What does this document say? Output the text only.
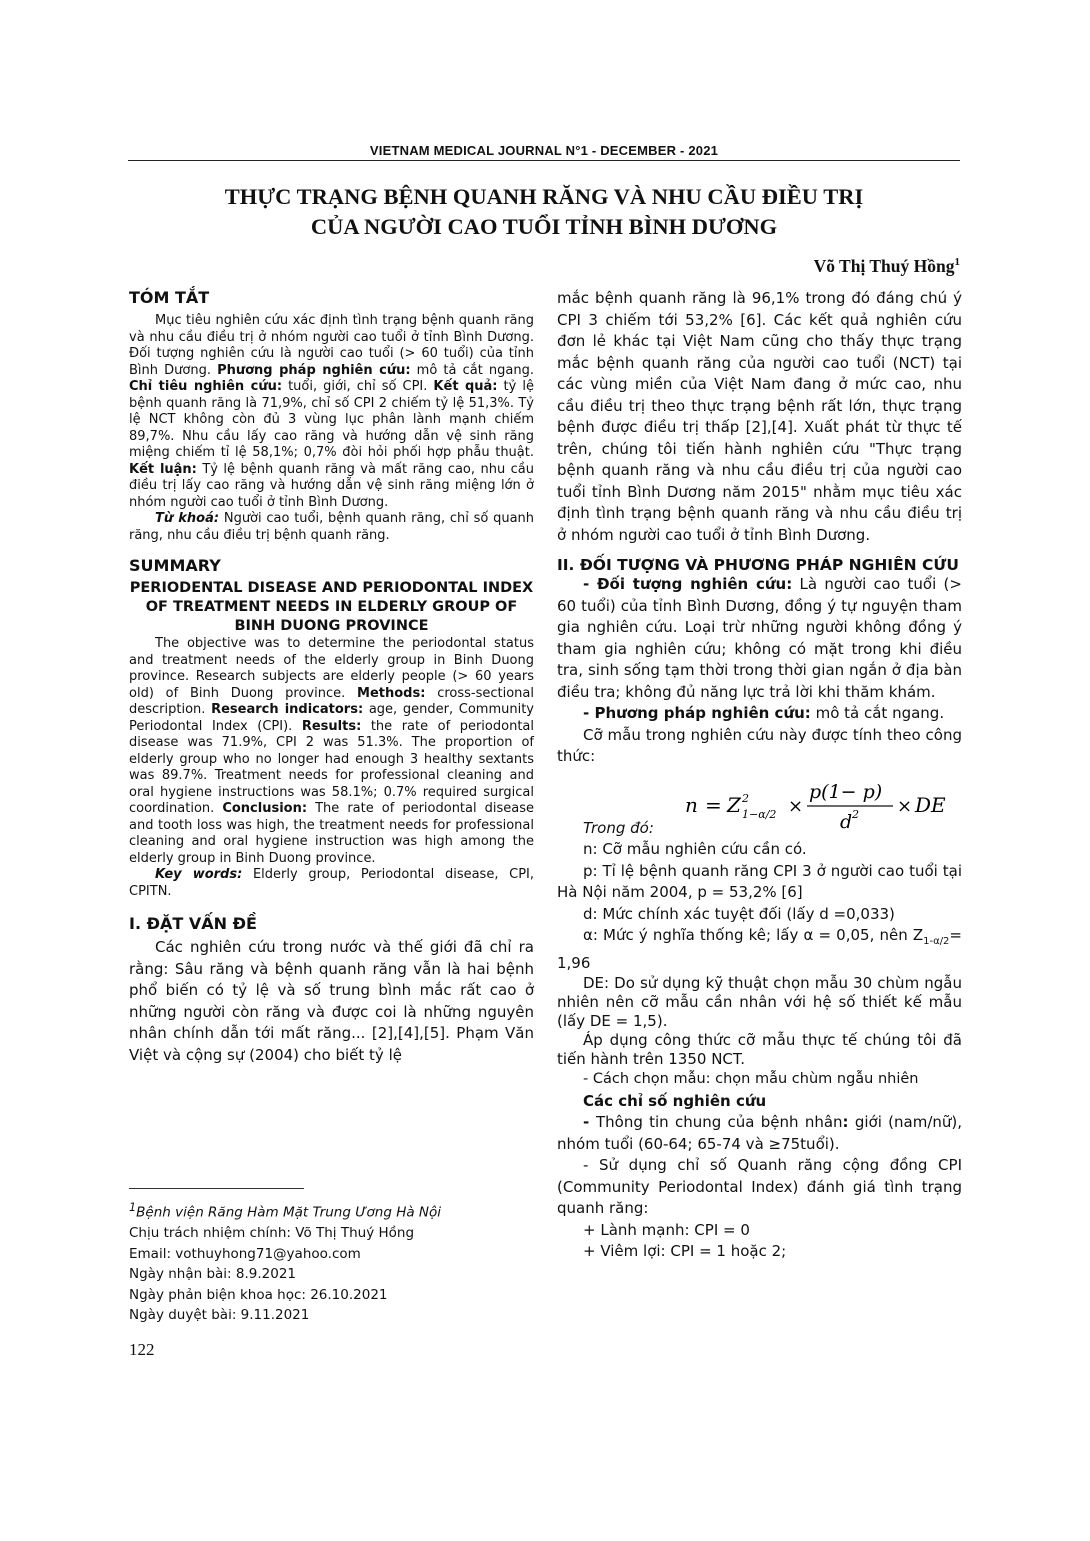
VIETNAM MEDICAL JOURNAL N°1 - DECEMBER - 2021
THỰC TRẠNG BỆNH QUANH RĂNG VÀ NHU CẦU ĐIỀU TRỊ
CỦA NGƯỜI CAO TUỔI TỈNH BÌNH DƯƠNG
Võ Thị Thuý Hồng$^1$
TÓM TẮT

Mục tiêu nghiên cứu xác định tình trạng bệnh quanh răng và nhu cầu điều trị ở nhóm người cao tuổi ở tỉnh Bình Dương. Đối tượng nghiên cứu là người cao tuổi (> 60 tuổi) của tỉnh Bình Dương. Phương pháp nghiên cứu: mô tả cắt ngang. Chỉ tiêu nghiên cứu: tuổi, giới, chỉ số CPI. Kết quả: tỷ lệ bệnh quanh răng là 71,9%, chỉ số CPI 2 chiếm tỷ lệ 51,3%. Tỷ lệ NCT không còn đủ 3 vùng lục phân lành mạnh chiếm 89,7%. Nhu cầu lấy cao răng và hướng dẫn vệ sinh răng miệng chiếm tỉ lệ 58,1%; 0,7% đòi hỏi phối hợp phẫu thuật. Kết luận: Tỷ lệ bệnh quanh răng và mất răng cao, nhu cầu điều trị lấy cao răng và hướng dẫn vệ sinh răng miệng lớn ở nhóm người cao tuổi ở tỉnh Bình Dương.

Từ khoá: Người cao tuổi, bệnh quanh răng, chỉ số quanh răng, nhu cầu điều trị bệnh quanh răng.

SUMMARY
PERIODENTAL DISEASE AND PERIODONTAL INDEX OF TREATMENT NEEDS IN ELDERLY GROUP OF BINH DUONG PROVINCE

The objective was to determine the periodontal status and treatment needs of the elderly group in Binh Duong province. Research subjects are elderly people (> 60 years old) of Binh Duong province. Methods: cross-sectional description. Research indicators: age, gender, Community Periodontal Index (CPI). Results: the rate of periodontal disease was 71.9%, CPI 2 was 51.3%. The proportion of elderly group who no longer had enough 3 healthy sextants was 89.7%. Treatment needs for professional cleaning and oral hygiene instructions was 58.1%; 0.7% required surgical coordination. Conclusion: The rate of periodontal disease and tooth loss was high, the treatment needs for professional cleaning and oral hygiene instruction was high among the elderly group in Binh Duong province.

Key words: Elderly group, Periodontal disease, CPI, CPITN.

I. ĐẶT VẤN ĐỀ

Các nghiên cứu trong nước và thế giới đã chỉ ra rằng: Sâu răng và bệnh quanh răng vẫn là hai bệnh phổ biến có tỷ lệ và số trung bình mắc rất cao ở những người còn răng và được coi là những nguyên nhân chính dẫn tới mất răng... [2],[4],[5]. Phạm Văn Việt và cộng sự (2004) cho biết tỷ lệ

$^1$Bệnh viện Răng Hàm Mặt Trung Ương Hà Nội
Chịu trách nhiệm chính: Võ Thị Thuý Hồng
Email: vothuyhong71@yahoo.com
Ngày nhận bài: 8.9.2021
Ngày phản biện khoa học: 26.10.2021
Ngày duyệt bài: 9.11.2021
122

mắc bệnh quanh răng là 96,1% trong đó đáng chú ý CPI 3 chiếm tới 53,2% [6]. Các kết quả nghiên cứu đơn lẻ khác tại Việt Nam cũng cho thấy thực trạng mắc bệnh quanh răng của người cao tuổi (NCT) tại các vùng miền của Việt Nam đang ở mức cao, nhu cầu điều trị theo thực trạng bệnh rất lớn, thực trạng bệnh được điều trị thấp [2],[4]. Xuất phát từ thực tế trên, chúng tôi tiến hành nghiên cứu "Thực trạng bệnh quanh răng và nhu cầu điều trị của người cao tuổi tỉnh Bình Dương năm 2015" nhằm mục tiêu xác định tình trạng bệnh quanh răng và nhu cầu điều trị ở nhóm người cao tuổi ở tỉnh Bình Dương.

II. ĐỐI TƯỢNG VÀ PHƯƠNG PHÁP NGHIÊN CỨU

- Đối tượng nghiên cứu: Là người cao tuổi (> 60 tuổi) của tỉnh Bình Dương, đồng ý tự nguyện tham gia nghiên cứu. Loại trừ những người không đồng ý tham gia nghiên cứu; không có mặt trong khi điều tra, sinh sống tạm thời trong thời gian ngắn ở địa bàn điều tra; không đủ năng lực trả lời khi thăm khám.

- Phương pháp nghiên cứu: mô tả cắt ngang.

Cỡ mẫu trong nghiên cứu này được tính theo công thức:

n = Z 2
1−α/2 ×
p(1− p)
d 2 × DE

Trong đó:

n: Cỡ mẫu nghiên cứu cần có.

p: Tỉ lệ bệnh quanh răng CPI 3 ở người cao tuổi tại Hà Nội năm 2004, p = 53,2% [6]

d: Mức chính xác tuyệt đối (lấy d =0,033)

α: Mức ý nghĩa thống kê; lấy α = 0,05, nên $Z_{1-\alpha/2}= 1,96$

DE: Do sử dụng kỹ thuật chọn mẫu 30 chùm ngẫu nhiên nên cỡ mẫu cần nhân với hệ số thiết kế mẫu (lấy DE = 1,5).

Áp dụng công thức cỡ mẫu thực tế chúng tôi đã tiến hành trên 1350 NCT.

- Cách chọn mẫu: chọn mẫu chùm ngẫu nhiên

Các chỉ số nghiên cứu

- Thông tin chung của bệnh nhân: giới (nam/nữ), nhóm tuổi (60-64; 65-74 và ≥75tuổi).

- Sử dụng chỉ số Quanh răng cộng đồng CPI (Community Periodontal Index) đánh giá tình trạng quanh răng:

+ Lành mạnh: CPI = 0

+ Viêm lợi: CPI = 1 hoặc 2;
